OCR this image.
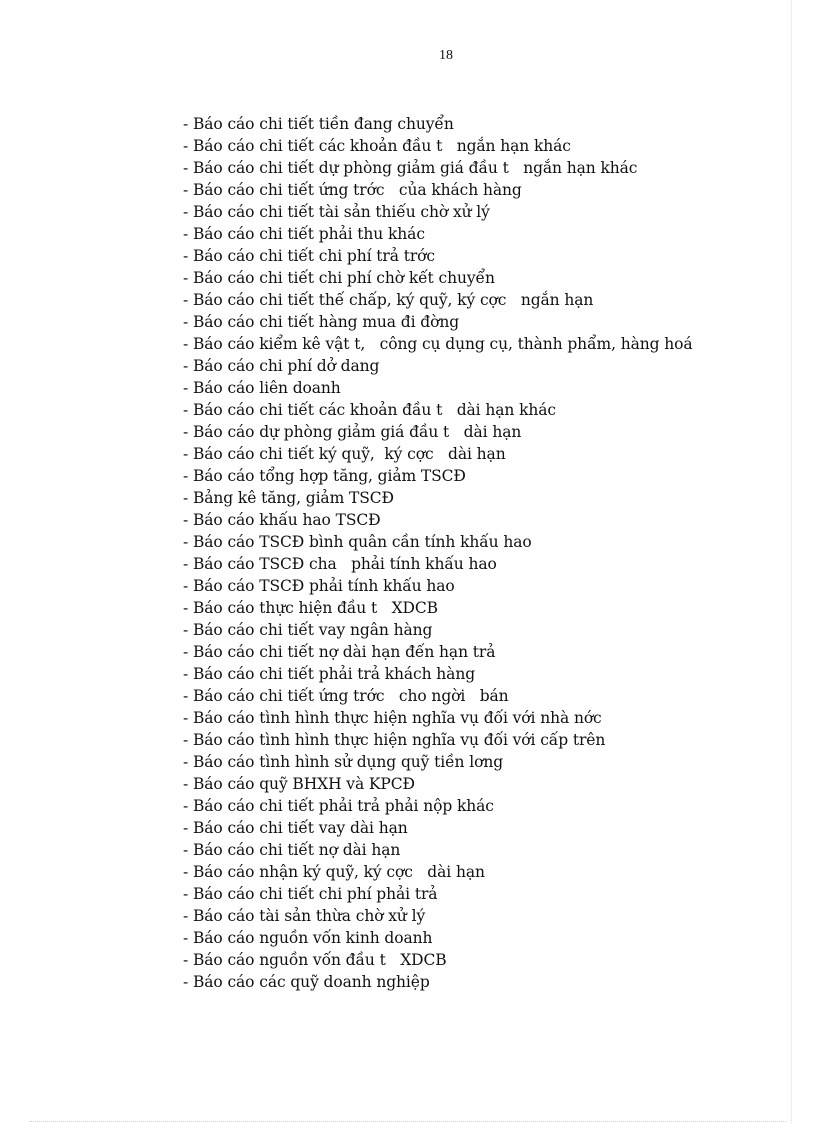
18
- Báo cáo chi tiết tiền đang chuyển
- Báo cáo chi tiết các khoản đầu t   ngắn hạn khác
- Báo cáo chi tiết dự phòng giảm giá đầu t   ngắn hạn khác
- Báo cáo chi tiết ứng trớc   của khách hàng
- Báo cáo chi tiết tài sản thiếu chờ xử lý
- Báo cáo chi tiết phải thu khác
- Báo cáo chi tiết chi phí trả trớc
- Báo cáo chi tiết chi phí chờ kết chuyển
- Báo cáo chi tiết thế chấp, ký quỹ, ký cợc   ngắn hạn
- Báo cáo chi tiết hàng mua đi đờng
- Báo cáo kiểm kê vật t,   công cụ dụng cụ, thành phẩm, hàng hoá
- Báo cáo chi phí dở dang
- Báo cáo liên doanh
- Báo cáo chi tiết các khoản đầu t   dài hạn khác
- Báo cáo dự phòng giảm giá đầu t   dài hạn
- Báo cáo chi tiết ký quỹ,  ký cợc   dài hạn
- Báo cáo tổng hợp tăng, giảm TSCĐ
- Bảng kê tăng, giảm TSCĐ
- Báo cáo khấu hao TSCĐ
- Báo cáo TSCĐ bình quân cần tính khấu hao
- Báo cáo TSCĐ cha   phải tính khấu hao
- Báo cáo TSCĐ phải tính khấu hao
- Báo cáo thực hiện đầu t   XDCB
- Báo cáo chi tiết vay ngân hàng
- Báo cáo chi tiết nợ dài hạn đến hạn trả
- Báo cáo chi tiết phải trả khách hàng
- Báo cáo chi tiết ứng trớc   cho ngời   bán
- Báo cáo tình hình thực hiện nghĩa vụ đối với nhà nớc
- Báo cáo tình hình thực hiện nghĩa vụ đối với cấp trên
- Báo cáo tình hình sử dụng quỹ tiền lơng
- Báo cáo quỹ BHXH và KPCĐ
- Báo cáo chi tiết phải trả phải nộp khác
- Báo cáo chi tiết vay dài hạn
- Báo cáo chi tiết nợ dài hạn
- Báo cáo nhận ký quỹ, ký cợc   dài hạn
- Báo cáo chi tiết chi phí phải trả
- Báo cáo tài sản thừa chờ xử lý
- Báo cáo nguồn vốn kinh doanh
- Báo cáo nguồn vốn đầu t   XDCB
- Báo cáo các quỹ doanh nghiệp
